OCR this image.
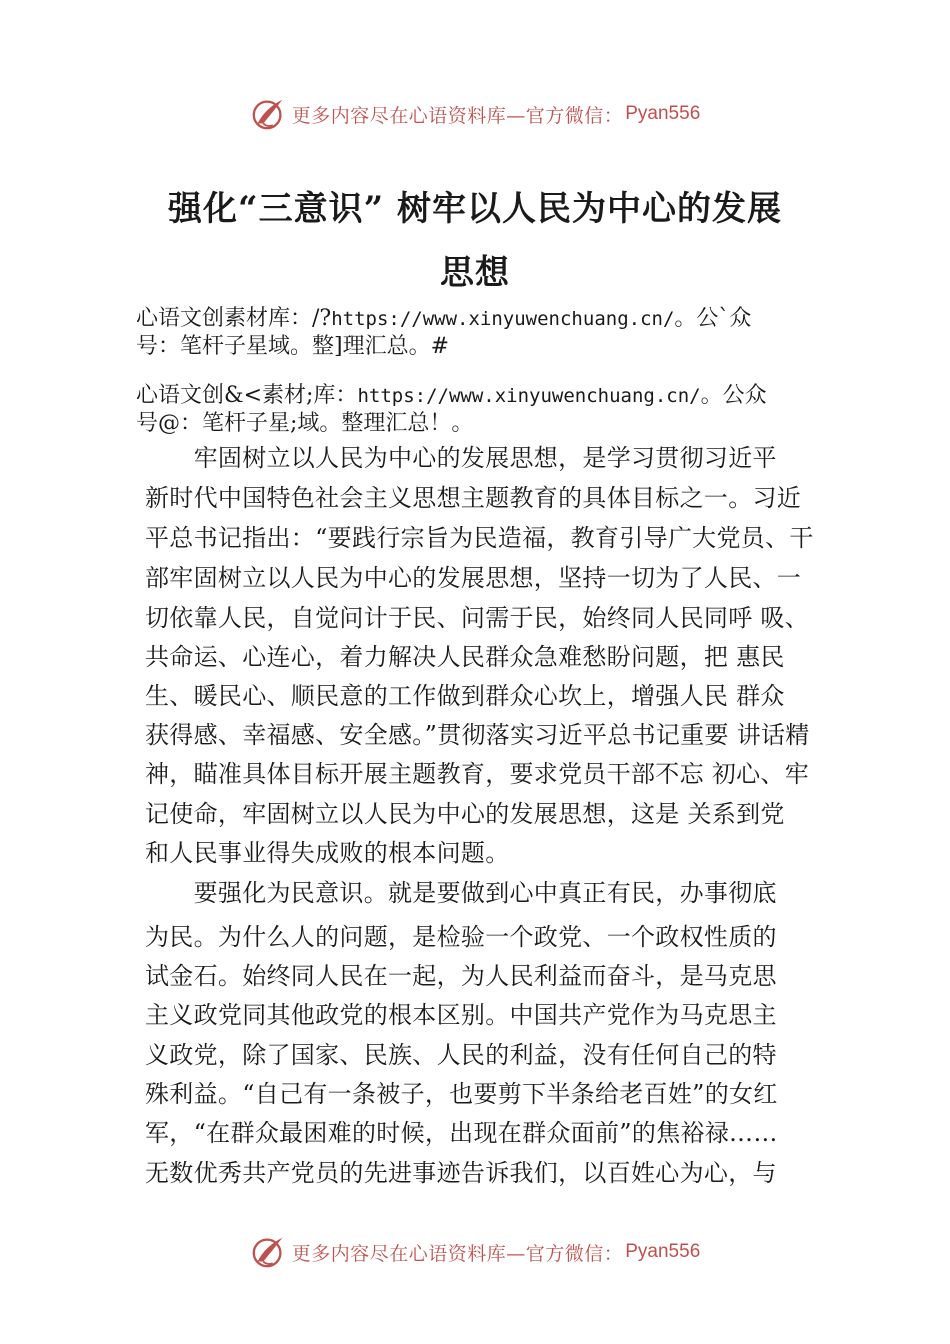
更多内容尽在心语资料库—官方微信： Pyan556
强化“三意识” 树牢以人民为中心的发展
思想
心语文创素材库：/?https://www.xinyuwenchuang.cn/。公`众
号：笔杆子星域。整]理汇总。#
心语文创&<素材;库：https://www.xinyuwenchuang.cn/。公众
号@：笔杆子星;域。整理汇总！。
　　牢固树立以人民为中心的发展思想，是学习贯彻习近平
新时代中国特色社会主义思想主题教育的具体目标之一。习近
平总书记指出：“要践行宗旨为民造福，教育引导广大党员、干
部牢固树立以人民为中心的发展思想，坚持一切为了人民、一
切依靠人民，自觉问计于民、问需于民，始终同人民同呼 吸、
共命运、心连心，着力解决人民群众急难愁盼问题，把 惠民
生、暖民心、顺民意的工作做到群众心坎上，增强人民 群众
获得感、幸福感、安全感。”贯彻落实习近平总书记重要 讲话精
神，瞄准具体目标开展主题教育，要求党员干部不忘 初心、牢
记使命，牢固树立以人民为中心的发展思想，这是 关系到党
和人民事业得失成败的根本问题。
　　要强化为民意识。就是要做到心中真正有民，办事彻底
为民。为什么人的问题，是检验一个政党、一个政权性质的
试金石。始终同人民在一起，为人民利益而奋斗，是马克思
主义政党同其他政党的根本区别。中国共产党作为马克思主
义政党，除了国家、民族、人民的利益，没有任何自己的特
殊利益。“自己有一条被子，也要剪下半条给老百姓”的女红
军，“在群众最困难的时候，出现在群众面前”的焦裕禄……
无数优秀共产党员的先进事迹告诉我们，以百姓心为心，与
更多内容尽在心语资料库—官方微信： Pyan556
